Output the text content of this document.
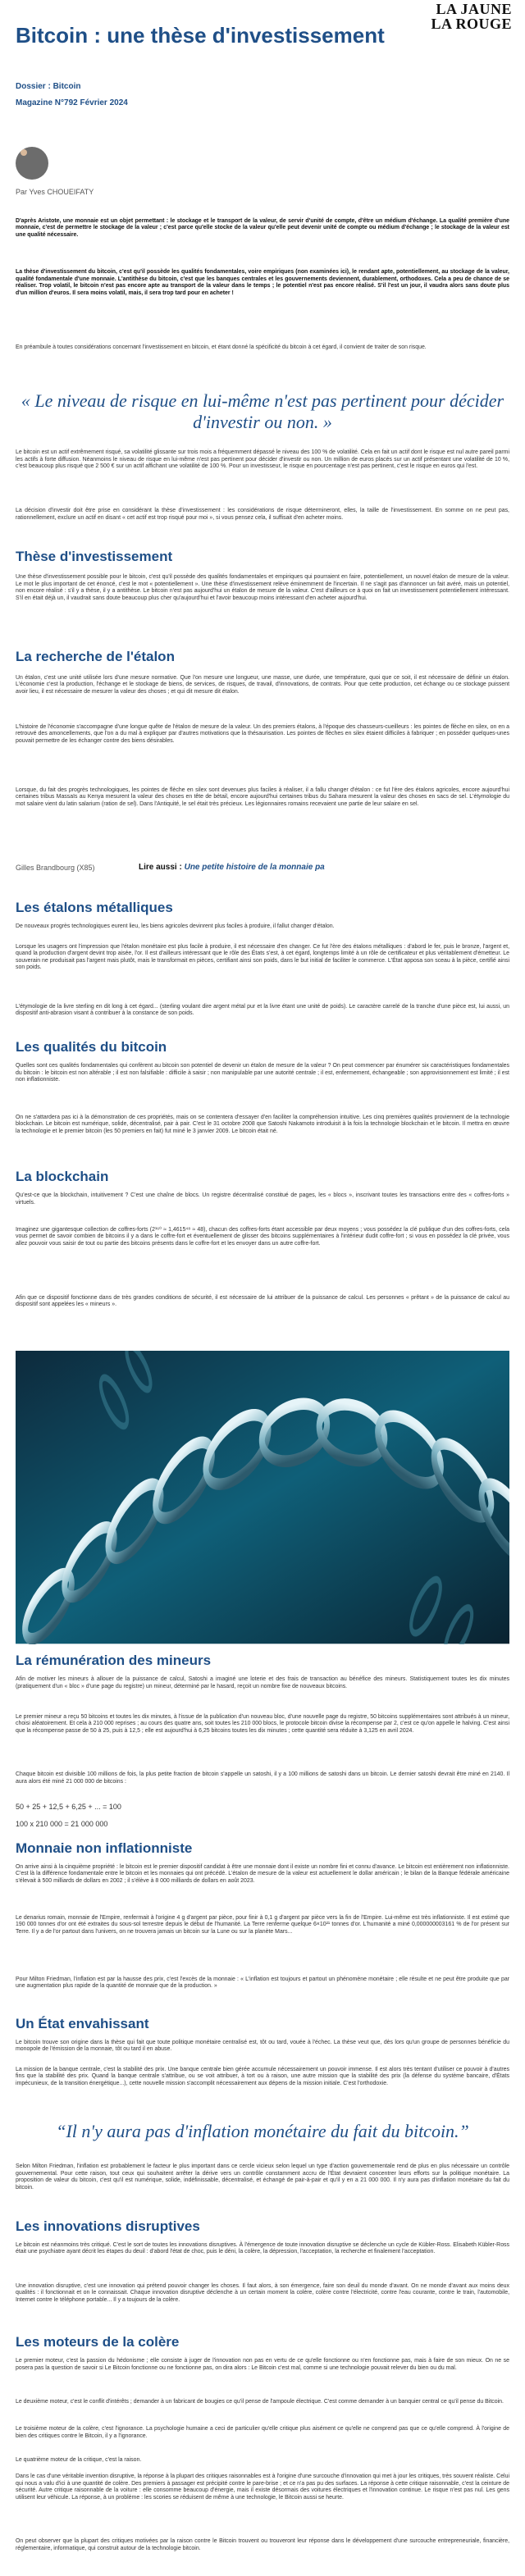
LA JAUNE
LA ROUGE
Bitcoin : une thèse d'investissement
Dossier : Bitcoin
Magazine N°792 Février 2024
Par Yves CHOUEIFATY

D'après Aristote, une monnaie est un objet permettant : le stockage et le transport de la valeur, de servir d'unité de compte, d'être un médium d'échange. La qualité première d'une monnaie, c'est de permettre le stockage de la valeur ; c'est parce qu'elle stocke de la valeur qu'elle peut devenir unité de compte ou médium d'échange ; le stockage de la valeur est une qualité nécessaire.

La thèse d'investissement du bitcoin, c'est qu'il possède les qualités fondamentales, voire empiriques (non examinées ici), le rendant apte, potentiellement, au stockage de la valeur, qualité fondamentale d'une monnaie. L'antithèse du bitcoin, c'est que les banques centrales et les gouvernements deviennent, durablement, orthodoxes. Cela a peu de chance de se réaliser. Trop volatil, le bitcoin n'est pas encore apte au transport de la valeur dans le temps ; le potentiel n'est pas encore réalisé. S'il l'est un jour, il vaudra alors sans doute plus d'un million d'euros. Il sera moins volatil, mais, il sera trop tard pour en acheter !

En préambule à toutes considérations concernant l'investissement en bitcoin, et étant donné la spécificité du bitcoin à cet égard, il convient de traiter de son risque.

« Le niveau de risque en lui-même n'est pas pertinent pour décider d'investir ou non. »

Le bitcoin est un actif extrêmement risqué, sa volatilité glissante sur trois mois a fréquemment dépassé le niveau des 100 % de volatilité. Cela en fait un actif dont le risque est nul autre pareil parmi les actifs à forte diffusion. Néanmoins le niveau de risque en lui-même n'est pas pertinent pour décider d'investir ou non. Un million de euros placés sur un actif présentant une volatilité de 10 %, c'est beaucoup plus risqué que 2 500 € sur un actif affichant une volatilité de 100 %. Pour un investisseur, le risque en pourcentage n'est pas pertinent, c'est le risque en euros qui l'est.

La décision d'investir doit être prise en considérant la thèse d'investissement : les considérations de risque détermineront, elles, la taille de l'investissement. En somme on ne peut pas, rationnellement, exclure un actif en disant « cet actif est trop risqué pour moi », si vous pensez cela, il suffisait d'en acheter moins.

Thèse d'investissement

Une thèse d'investissement possible pour le bitcoin, c'est qu'il possède des qualités fondamentales et empiriques qui pourraient en faire, potentiellement, un nouvel étalon de mesure de la valeur. Le mot le plus important de cet énoncé, c'est le mot « potentiellement ». Une thèse d'investissement relève éminemment de l'incertain. Il ne s'agit pas d'annoncer un fait avéré, mais un potentiel, non encore réalisé : s'il y a thèse, il y a antithèse. Le bitcoin n'est pas aujourd'hui un étalon de mesure de la valeur. C'est d'ailleurs ce à quoi on fait un investissement potentiellement intéressant. S'il en était déjà un, il vaudrait sans doute beaucoup plus cher qu'aujourd'hui et l'avoir beaucoup moins intéressant d'en acheter aujourd'hui.

La recherche de l'étalon

Un étalon, c'est une unité utilisée lors d'une mesure normative. Que l'on mesure une longueur, une masse, une durée, une température, quoi que ce soit, il est nécessaire de définir un étalon. L'économie c'est la production, l'échange et le stockage de biens, de services, de risques, de travail, d'innovations, de contrats. Pour que cette production, cet échange ou ce stockage puissent avoir lieu, il est nécessaire de mesurer la valeur des choses ; et qui dit mesure dit étalon.

L'histoire de l'économie s'accompagne d'une longue quête de l'étalon de mesure de la valeur. Un des premiers étalons, à l'époque des chasseurs-cueilleurs : les pointes de flèche en silex, on en a retrouvé des amoncellements, que l'on a du mal à expliquer par d'autres motivations que la thésaurisation. Les pointes de flèches en silex étaient difficiles à fabriquer ; en posséder quelques-unes pouvait permettre de les échanger contre des biens désirables.

Lorsque, du fait des progrès technologiques, les pointes de flèche en silex sont devenues plus faciles à réaliser, il a fallu changer d'étalon : ce fut l'ère des étalons agricoles, encore aujourd'hui certaines tribus Massaïs au Kenya mesurent la valeur des choses en tête de bétail, encore aujourd'hui certaines tribus du Sahara mesurent la valeur des choses en sacs de sel. L'étymologie du mot salaire vient du latin salarium (ration de sel). Dans l'Antiquité, le sel était très précieux. Les légionnaires romains recevaient une partie de leur salaire en sel.

Gilles Brandbourg (X85)	Lire aussi : Une petite histoire de la monnaie pa
Les étalons métalliques

De nouveaux progrès technologiques eurent lieu, les biens agricoles devinrent plus faciles à produire, il fallut changer d'étalon.

Lorsque les usagers ont l'impression que l'étalon monétaire est plus facile à produire, il est nécessaire d'en changer. Ce fut l'ère des étalons métalliques : d'abord le fer, puis le bronze, l'argent et, quand la production d'argent devint trop aisée, l'or. Il est d'ailleurs intéressant que le rôle des États s'est, à cet égard, longtemps limité à un rôle de certificateur et plus véritablement d'émetteur. Le souverain ne produisait pas l'argent mais plutôt, mais le transformait en pièces, certifiant ainsi son poids, dans le but initial de faciliter le commerce. L'État apposa son sceau à la pièce, certifié ainsi son poids.

L'étymologie de la livre sterling en dit long à cet égard... (sterling voulant dire argent métal pur et la livre étant une unité de poids). Le caractère carrelé de la tranche d'une pièce est, lui aussi, un dispositif anti-abrasion visant à contribuer à la constance de son poids.

Les qualités du bitcoin

Quelles sont ces qualités fondamentales qui confèrent au bitcoin son potentiel de devenir un étalon de mesure de la valeur ? On peut commencer par énumérer six caractéristiques fondamentales du bitcoin : le bitcoin est non altérable ; il est non falsifiable : difficile à saisir ; non manipulable par une autorité centrale ; il est, enfermement, échangeable ; son approvisionnement est limité ; il est non inflationniste.

On ne s'attardera pas ici à la démonstration de ces propriétés, mais on se contentera d'essayer d'en faciliter la compréhension intuitive. Les cinq premières qualités proviennent de la technologie blockchain. Le bitcoin est numérique, solide, décentralisé, pair à pair. C'est le 31 octobre 2008 que Satoshi Nakamoto introduisit à la fois la technologie blockchain et le bitcoin. Il mettra en œuvre la technologie et le premier bitcoin (les 50 premiers en fait) fut miné le 3 janvier 2009. Le bitcoin était né.

La blockchain

Qu'est-ce que la blockchain, intuitivement ? C'est une chaîne de blocs. Un registre décentralisé constitué de pages, les « blocs », inscrivant toutes les transactions entre des « coffres-forts » virtuels.

Imaginez une gigantesque collection de coffres-forts (2¹⁶⁰ ≈ 1,4615⁴⁸ ≈ 48), chacun des coffres-forts étant accessible par deux moyens ; vous possédez la clé publique d'un des coffres-forts, cela vous permet de savoir combien de bitcoins il y a dans le coffre-fort et éventuellement de glisser des bitcoins supplémentaires à l'intérieur dudit coffre-fort ; si vous en possédez la clé privée, vous allez pouvoir vous saisir de tout ou partie des bitcoins présents dans le coffre-fort et les envoyer dans un autre coffre-fort.

Afin que ce dispositif fonctionne dans de très grandes conditions de sécurité, il est nécessaire de lui attribuer de la puissance de calcul. Les personnes « prêtant » de la puissance de calcul au dispositif sont appelées les « mineurs ».

La rémunération des mineurs

Afin de motiver les mineurs à allouer de la puissance de calcul, Satoshi a imaginé une loterie et des frais de transaction au bénéfice des mineurs. Statistiquement toutes les dix minutes (pratiquement d'un « bloc » d'une page du registre) un mineur, déterminé par le hasard, reçoit un nombre fixe de nouveaux bitcoins.

Le premier mineur a reçu 50 bitcoins et toutes les dix minutes, à l'issue de la publication d'un nouveau bloc, d'une nouvelle page du registre, 50 bitcoins supplémentaires sont attribués à un mineur, choisi aléatoirement. Et cela à 210 000 reprises ; au cours des quatre ans, soit toutes les 210 000 blocs, le protocole bitcoin divise la récompense par 2, c'est ce qu'on appelle le halving. C'est ainsi que la récompense passe de 50 à 25, puis à 12,5 ; elle est aujourd'hui à 6,25 bitcoins toutes les dix minutes ; cette quantité sera réduite à 3,125 en avril 2024.

Chaque bitcoin est divisible 100 millions de fois, la plus petite fraction de bitcoin s'appelle un satoshi, il y a 100 millions de satoshi dans un bitcoin. Le dernier satoshi devrait être miné en 2140. Il aura alors été miné 21 000 000 de bitcoins :

50 + 25 + 12,5 + 6,25 + ... = 100
100 x 210 000 = 21 000 000
Monnaie non inflationniste

On arrive ainsi à la cinquième propriété : le bitcoin est le premier dispositif candidat à être une monnaie dont il existe un nombre fini et connu d'avance. Le bitcoin est entièrement non inflationniste. C'est là la différence fondamentale entre le bitcoin et les monnaies qui ont précédé. L'étalon de mesure de la valeur est actuellement le dollar américain ; le bilan de la Banque fédérale américaine s'élevait à 500 milliards de dollars en 2002 ; il s'élève à 8 000 milliards de dollars en août 2023.

Le denarius romain, monnaie de l'Empire, renfermait à l'origine 4 g d'argent par pièce, pour finir à 0,1 g d'argent par pièce vers la fin de l'Empire. Lui-même est très inflationniste. Il est estimé que 190 000 tonnes d'or ont été extraites du sous-sol terrestre depuis le début de l'humanité. La Terre renferme quelque 6×10²¹ tonnes d'or. L'humanité a miné 0,000000003161 % de l'or présent sur Terre. Il y a de l'or partout dans l'univers, on ne trouvera jamais un bitcoin sur la Lune ou sur la planète Mars...

Pour Milton Friedman, l'inflation est par la hausse des prix, c'est l'excès de la monnaie : « L'inflation est toujours et partout un phénomène monétaire ; elle résulte et ne peut être produite que par une augmentation plus rapide de la quantité de monnaie que de la production. »

Un État envahissant

Le bitcoin trouve son origine dans la thèse qui fait que toute politique monétaire centralisé est, tôt ou tard, vouée à l'échec. La thèse veut que, dès lors qu'un groupe de personnes bénéficie du monopole de l'émission de la monnaie, tôt ou tard il en abuse.

La mission de la banque centrale, c'est la stabilité des prix. Une banque centrale bien gérée accumule nécessairement un pouvoir immense. Il est alors très tentant d'utiliser ce pouvoir à d'autres fins que la stabilité des prix. Quand la banque centrale s'attribue, ou se voit attribuer, à tort ou à raison, une autre mission que la stabilité des prix (la défense du système bancaire, d'États impécunieux, de la transition énergétique...), cette nouvelle mission s'accomplit nécessairement aux dépens de la mission initiale. C'est l'orthodoxie.

“Il n'y aura pas d'inflation monétaire du fait du bitcoin.”

Selon Milton Friedman, l'inflation est probablement le facteur le plus important dans ce cercle vicieux selon lequel un type d'action gouvernementale rend de plus en plus nécessaire un contrôle gouvernemental. Pour cette raison, tout ceux qui souhaitent arrêter la dérive vers un contrôle constamment accru de l'État devraient concentrer leurs efforts sur la politique monétaire. La proposition de valeur du bitcoin, c'est qu'il est numérique, solide, indéfinissable, décentralisé, et échangé de pair-à-pair et qu'il y en a 21 000 000. Il n'y aura pas d'inflation monétaire du fait du bitcoin.

Les innovations disruptives

Le bitcoin est néanmoins très critiqué. C'est le sort de toutes les innovations disruptives. À l'émergence de toute innovation disruptive se déclenche un cycle de Kübler-Ross. Elisabeth Kübler-Ross était une psychiatre ayant décrit les étapes du deuil : d'abord l'état de choc, puis le déni, la colère, la dépression, l'acceptation, la recherche et finalement l'acceptation.

Une innovation disruptive, c'est une innovation qui prétend pouvoir changer les choses. Il faut alors, à son émergence, faire son deuil du monde d'avant. On ne monde d'avant aux moins deux qualités : il fonctionnait et on le connaissait. Chaque innovation disruptive déclenche à un certain moment la colère, colère contre l'électricité, contre l'eau courante, contre le train, l'automobile, Internet contre le téléphone portable... Il y a toujours de la colère.

Les moteurs de la colère

Le premier moteur, c'est la passion du hédonisme ; elle consiste à juger de l'innovation non pas en vertu de ce qu'elle fonctionne ou n'en fonctionne pas, mais à faire de son mieux. On ne se posera pas la question de savoir si Le Bitcoin fonctionne ou ne fonctionne pas, on dira alors : Le Bitcoin c'est mal, comme si une technologie pouvait relever du bien ou du mal.

Le deuxième moteur, c'est le conflit d'intérêts ; demander à un fabricant de bougies ce qu'il pense de l'ampoule électrique. C'est comme demander à un banquier central ce qu'il pense du Bitcoin.

Le troisième moteur de la colère, c'est l'ignorance. La psychologie humaine a ceci de particulier qu'elle critique plus aisément ce qu'elle ne comprend pas que ce qu'elle comprend. À l'origine de bien des critiques contre le Bitcoin, il y a l'ignorance.

Le quatrième moteur de la critique, c'est la raison.

Dans le cas d'une véritable invention disruptive, la réponse à la plupart des critiques raisonnables est à l'origine d'une surcouche d'innovation qui met à jour les critiques, très souvent réaliste. Celui qui nous a valu d'ici à une quantité de colère. Des premiers à passager est précipité contre le pare-brise ; et ce n'a pas pu des surfaces. La réponse à cette critique raisonnable, c'est la ceinture de sécurité. Autre critique raisonnable de la voiture : elle consomme beaucoup d'énergie, mais il existe désormais des voitures électriques et l'innovation continue. Le risque n'est pas nul. Les gens utilisent leur véhicule. La réponse, à un problème : les scories se réduisent de même à une technologie, le Bitcoin aussi se heurte.

On peut observer que la plupart des critiques motivées par la raison contre le Bitcoin trouvent ou trouveront leur réponse dans le développement d'une surcouche entrepreneuriale, financière, réglementaire, informatique, qui construit autour de la technologie bitcoin.
